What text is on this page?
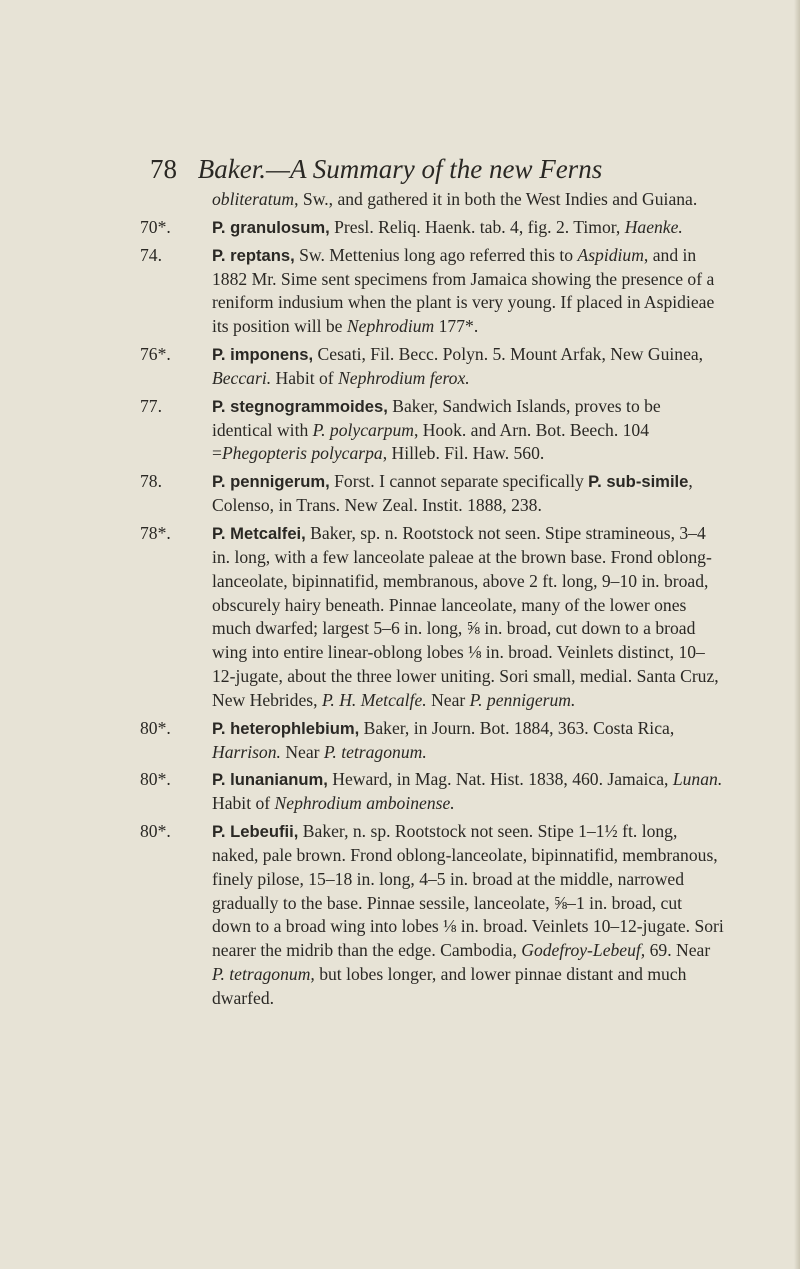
78 Baker.—A Summary of the new Ferns
obliteratum, Sw., and gathered it in both the West Indies and Guiana.
70*.	P. granulosum, Presl. Reliq. Haenk. tab. 4, fig. 2. Timor, Haenke.
74.	P. reptans, Sw. Mettenius long ago referred this to Aspidium, and in 1882 Mr. Sime sent specimens from Jamaica showing the presence of a reniform indusium when the plant is very young. If placed in Aspidieae its position will be Nephrodium 177*.
76*.	P. imponens, Cesati, Fil. Becc. Polyn. 5. Mount Arfak, New Guinea, Beccari. Habit of Nephrodium ferox.
77.	P. stegnogrammoides, Baker, Sandwich Islands, proves to be identical with P. polycarpum, Hook. and Arn. Bot. Beech. 104 =Phegopteris polycarpa, Hilleb. Fil. Haw. 560.
78.	P. pennigerum, Forst. I cannot separate specifically P. sub-simile, Colenso, in Trans. New Zeal. Instit. 1888, 238.
78*.	P. Metcalfei, Baker, sp. n. Rootstock not seen. Stipe stramineous, 3–4 in. long, with a few lanceolate paleae at the brown base. Frond oblong-lanceolate, bipinnatifid, membranous, above 2 ft. long, 9–10 in. broad, obscurely hairy beneath. Pinnae lanceolate, many of the lower ones much dwarfed; largest 5–6 in. long, ⅝ in. broad, cut down to a broad wing into entire linear-oblong lobes ⅛ in. broad. Veinlets distinct, 10–12-jugate, about the three lower uniting. Sori small, medial. Santa Cruz, New Hebrides, P. H. Metcalfe. Near P. pennigerum.
80*.	P. heterophlebium, Baker, in Journ. Bot. 1884, 363. Costa Rica, Harrison. Near P. tetragonum.
80*.	P. lunanianum, Heward, in Mag. Nat. Hist. 1838, 460. Jamaica, Lunan. Habit of Nephrodium amboinense.
80*.	P. Lebeufii, Baker, n. sp. Rootstock not seen. Stipe 1–1½ ft. long, naked, pale brown. Frond oblong-lanceolate, bipinnatifid, membranous, finely pilose, 15–18 in. long, 4–5 in. broad at the middle, narrowed gradually to the base. Pinnae sessile, lanceolate, ⅝–1 in. broad, cut down to a broad wing into lobes ⅛ in. broad. Veinlets 10–12-jugate. Sori nearer the midrib than the edge. Cambodia, Godefroy-Lebeuf, 69. Near P. tetragonum, but lobes longer, and lower pinnae distant and much dwarfed.
